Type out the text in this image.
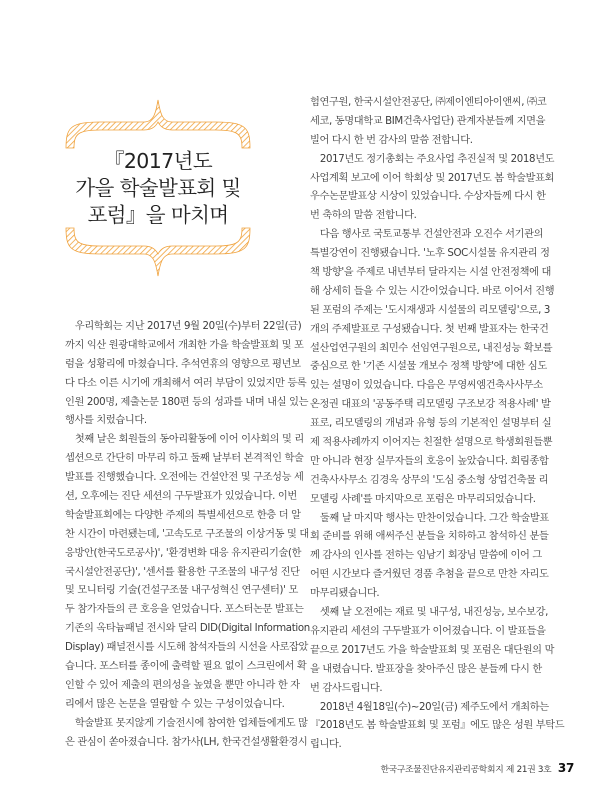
『2017년도
가을 학술발표회 및
포럼』을 마치며
　우리학회는 지난 2017년 9월 20일(수)부터 22일(금)
까지 익산 원광대학교에서 개최한 가을 학술발표회 및 포
럼을 성황리에 마쳤습니다. 추석연휴의 영향으로 평년보
다 다소 이른 시기에 개최해서 여러 부담이 있었지만 등록
인원 200명, 제출논문 180편 등의 성과를 내며 내실 있는
행사를 치렀습니다.
　첫째 날은 회원들의 동아리활동에 이어 이사회의 및 리
셉션으로 간단히 마무리 하고 둘째 날부터 본격적인 학술
발표를 진행했습니다. 오전에는 건설안전 및 구조성능 세
션, 오후에는 진단 세션의 구두발표가 있었습니다. 이번
학술발표회에는 다양한 주제의 특별세션으로 한층 더 알
찬 시간이 마련됐는데, '고속도로 구조물의 이상거동 및 대
응방안(한국도로공사)', '환경변화 대응 유지관리기술(한
국시설안전공단)', '센서를 활용한 구조물의 내구성 진단
및 모니터링 기술(건설구조물 내구성혁신 연구센터)' 모
두 참가자들의 큰 호응을 얻었습니다. 포스터논문 발표는
기존의 옥타늄패널 전시와 달리 DID(Digital Information
Display) 패널전시를 시도해 참석자들의 시선을 사로잡았
습니다. 포스터를 종이에 출력할 필요 없이 스크린에서 확
인할 수 있어 제출의 편의성을 높였을 뿐만 아니라 한 자
리에서 많은 논문을 열람할 수 있는 구성이었습니다.
　학술발표 못지않게 기술전시에 참여한 업체들에게도 많
은 관심이 쏟아졌습니다. 참가사(LH, 한국건설생활환경시
험연구원, 한국시설안전공단, ㈜제이엔티아이앤씨, ㈜코
세코, 동명대학교 BIM건축사업단) 관계자분들께 지면을
빌어 다시 한 번 감사의 말씀 전합니다.
　2017년도 정기총회는 주요사업 추진실적 및 2018년도
사업계획 보고에 이어 학회상 및 2017년도 봄 학술발표회
우수논문발표상 시상이 있었습니다. 수상자들께 다시 한
번 축하의 말씀 전합니다.
　다음 행사로 국토교통부 건설안전과 오진수 서기관의
특별강연이 진행됐습니다. '노후 SOC시설물 유지관리 정
책 방향'을 주제로 내년부터 달라지는 시설 안전정책에 대
해 상세히 들을 수 있는 시간이었습니다. 바로 이어서 진행
된 포럼의 주제는 '도시재생과 시설물의 리모델링'으로, 3
개의 주제발표로 구성됐습니다. 첫 번째 발표자는 한국건
설산업연구원의 최민수 선임연구원으로, 내진성능 확보를
중심으로 한 '기존 시설물 개보수 정책 방향'에 대한 심도
있는 설명이 있었습니다. 다음은 무영씨엠건축사사무소
온정권 대표의 '공동주택 리모델링 구조보강 적용사례' 발
표로, 리모델링의 개념과 유형 등의 기본적인 설명부터 실
제 적용사례까지 이어지는 친절한 설명으로 학생회원들뿐
만 아니라 현장 실무자들의 호응이 높았습니다. 희림종합
건축사사무소 김경욱 상무의 '도심 중소형 상업건축물 리
모델링 사례'를 마지막으로 포럼은 마무리되었습니다.
　둘째 날 마지막 행사는 만찬이었습니다. 그간 학술발표
회 준비를 위해 애써주신 분들을 치하하고 참석하신 분들
께 감사의 인사를 전하는 임남기 회장님 말씀에 이어 그
어떤 시간보다 즐거웠던 경품 추첨을 끝으로 만찬 자리도
마무리됐습니다.
　셋째 날 오전에는 재료 및 내구성, 내진성능, 보수보강,
유지관리 세션의 구두발표가 이어졌습니다. 이 발표들을
끝으로 2017년도 가을 학술발표회 및 포럼은 대단원의 막
을 내렸습니다. 발표장을 찾아주신 많은 분들께 다시 한
번 감사드립니다.
　2018년 4월18일(수)~20일(금) 제주도에서 개최하는
『2018년도 봄 학술발표회 및 포럼』에도 많은 성원 부탁드
립니다.
한국구조물진단유지관리공학회지 제 21권 3호 37
